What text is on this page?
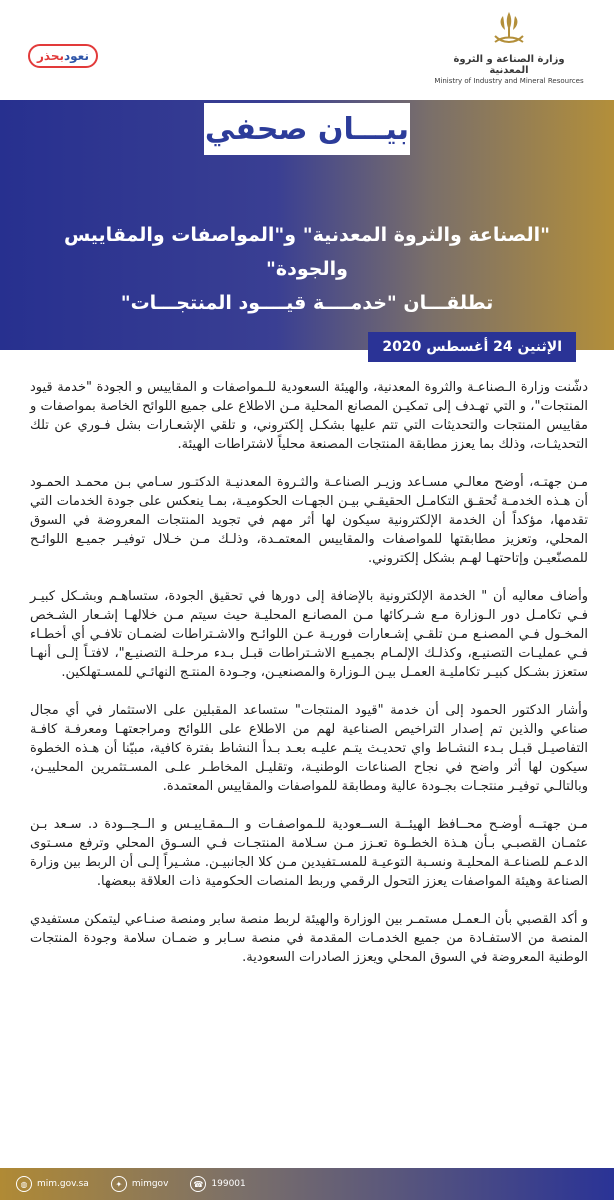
نعودبحذر	وزارة الصناعة و الثروة المعدنية
Ministry of Industry and Mineral Resources
بيـــان صحفي
"الصناعة والثروة المعدنية" و"المواصفات والمقاييس والجودة"
تطلقـــان "خدمــــة قيــــود المنتجـــات"
الإثنين 24 أغسطس 2020

دشّنت وزارة الـصناعـة والثروة المعدنية، والهيئة السعودية للـمواصفات و المقاييس و الجودة "خدمة قيود المنتجات"، و التي تهـدف إلى تمكيـن المصانع المحلية مـن الاطلاع على جميع اللوائح الخاصة بمواصفات و مقاييس المنتجات والتحديثات التي تتم عليها بشكـل إلكتروني، و تلقي الإشعـارات بشل فـوري عن تلك التحديثـات، وذلك بما يعزز مطابقة المنتجات المصنعة محلياً لاشتراطات الهيئة.

مـن جهتـه، أوضح معالـي مسـاعد وزيـر الصناعـة والثـروة المعدنيـة الدكتـور سـامي بـن محمـد الحمـود أن هـذه الخدمـة تُحقـق التكامـل الحقيقـي بيـن الجهـات الحكوميـة، بمـا ينعكس على جودة الخدمات التي تقدمها، مؤكداً أن الخدمة الإلكترونية سيكون لها أثر مهم في تجويد المنتجات المعروضة في السوق المحلي، وتعزيز مطابقتها للمواصفات والمقاييس المعتمـدة، وذلـك مـن خـلال توفيـر جميـع اللوائـح للمصنّعيـن وإتاحتهـا لهـم بشكل إلكتروني.

وأضاف معاليه أن " الخدمة الإلكترونية بالإضافة إلى دورها في تحقيق الجودة، ستساهـم وبشـكل كبيـر فـي تكامـل دور الـوزارة مـع شـركائها مـن المصانـع المحليـة حيث سيتم مـن خلالهـا إشـعار الشـخص المخـول فـي المصنـع مـن تلقـي إشـعارات فوريـة عـن اللوائـح والاشـتراطات لضمـان تلافـي أي أخطـاء فـي عمليـات التصنيـع، وكذلـك الإلمـام بجميـع الاشـتراطات قبـل بـدء مرحلـة التصنيـع"، لافتـاً إلـى أنهـا ستعزز بشـكل كبيـر تكامليـة العمـل بيـن الـوزارة والمصنعيـن، وجـودة المنتـج النهائـي للمسـتهلكين.

وأشار الدكتور الحمود إلى أن خدمة "قيود المنتجات" ستساعد المقبلين على الاستثمار في أي مجال صناعي والذين تم إصدار التراخيص الصناعية لهم من الاطلاع على اللوائح ومراجعتهـا ومعرفـة كافـة التفاصيـل قبـل بـدء النشـاط واي تحديـث يتـم عليـه بعـد بـدأ النشاط بفترة كافية، مبيّنا أن هـذه الخطوة سيكون لها أثر واضح في نجاح الصناعات الوطنيـة، وتقليـل المخاطـر علـى المسـتثمرين المحلييـن، وبالتالـي توفيـر منتجـات بجـودة عالية ومطابقة للمواصفات والمقاييس المعتمدة.

مـن جهتــه أوضـح محــافظ الهيئــة الســعودية للـمواصفـات و الــمقـاييـس و الــجــودة د. سـعد بـن عثمـان القصبـي بـأن هـذة الخطـوة تعـزز مـن سـلامة المنتجـات فـي السـوق المحلي وترفع مسـتوى الدعـم للصناعـة المحليـة ونسـبة التوعيـة للمسـتفيدين مـن كلا الجانبيـن. مشـيراً إلـى أن الربط بين وزارة الصناعة وهيئة المواصفات يعزز التحول الرقمي وربط المنصات الحكومية ذات العلاقة ببعضها.

و أكد القصبي بأن الـعمـل مستمـر بين الوزارة والهيئة لربط منصة سابر ومنصة صنـاعي ليتمكن مستفيدي المنصة من الاستفـادة من جميع الخدمـات المقدمة في منصة سـابر و ضمـان سلامة وجودة المنتجات الوطنية المعروضة في السوق المحلي ويعزز الصادرات السعودية.

◍	mim.gov.sa	✦	mimgov	☎ 199001
